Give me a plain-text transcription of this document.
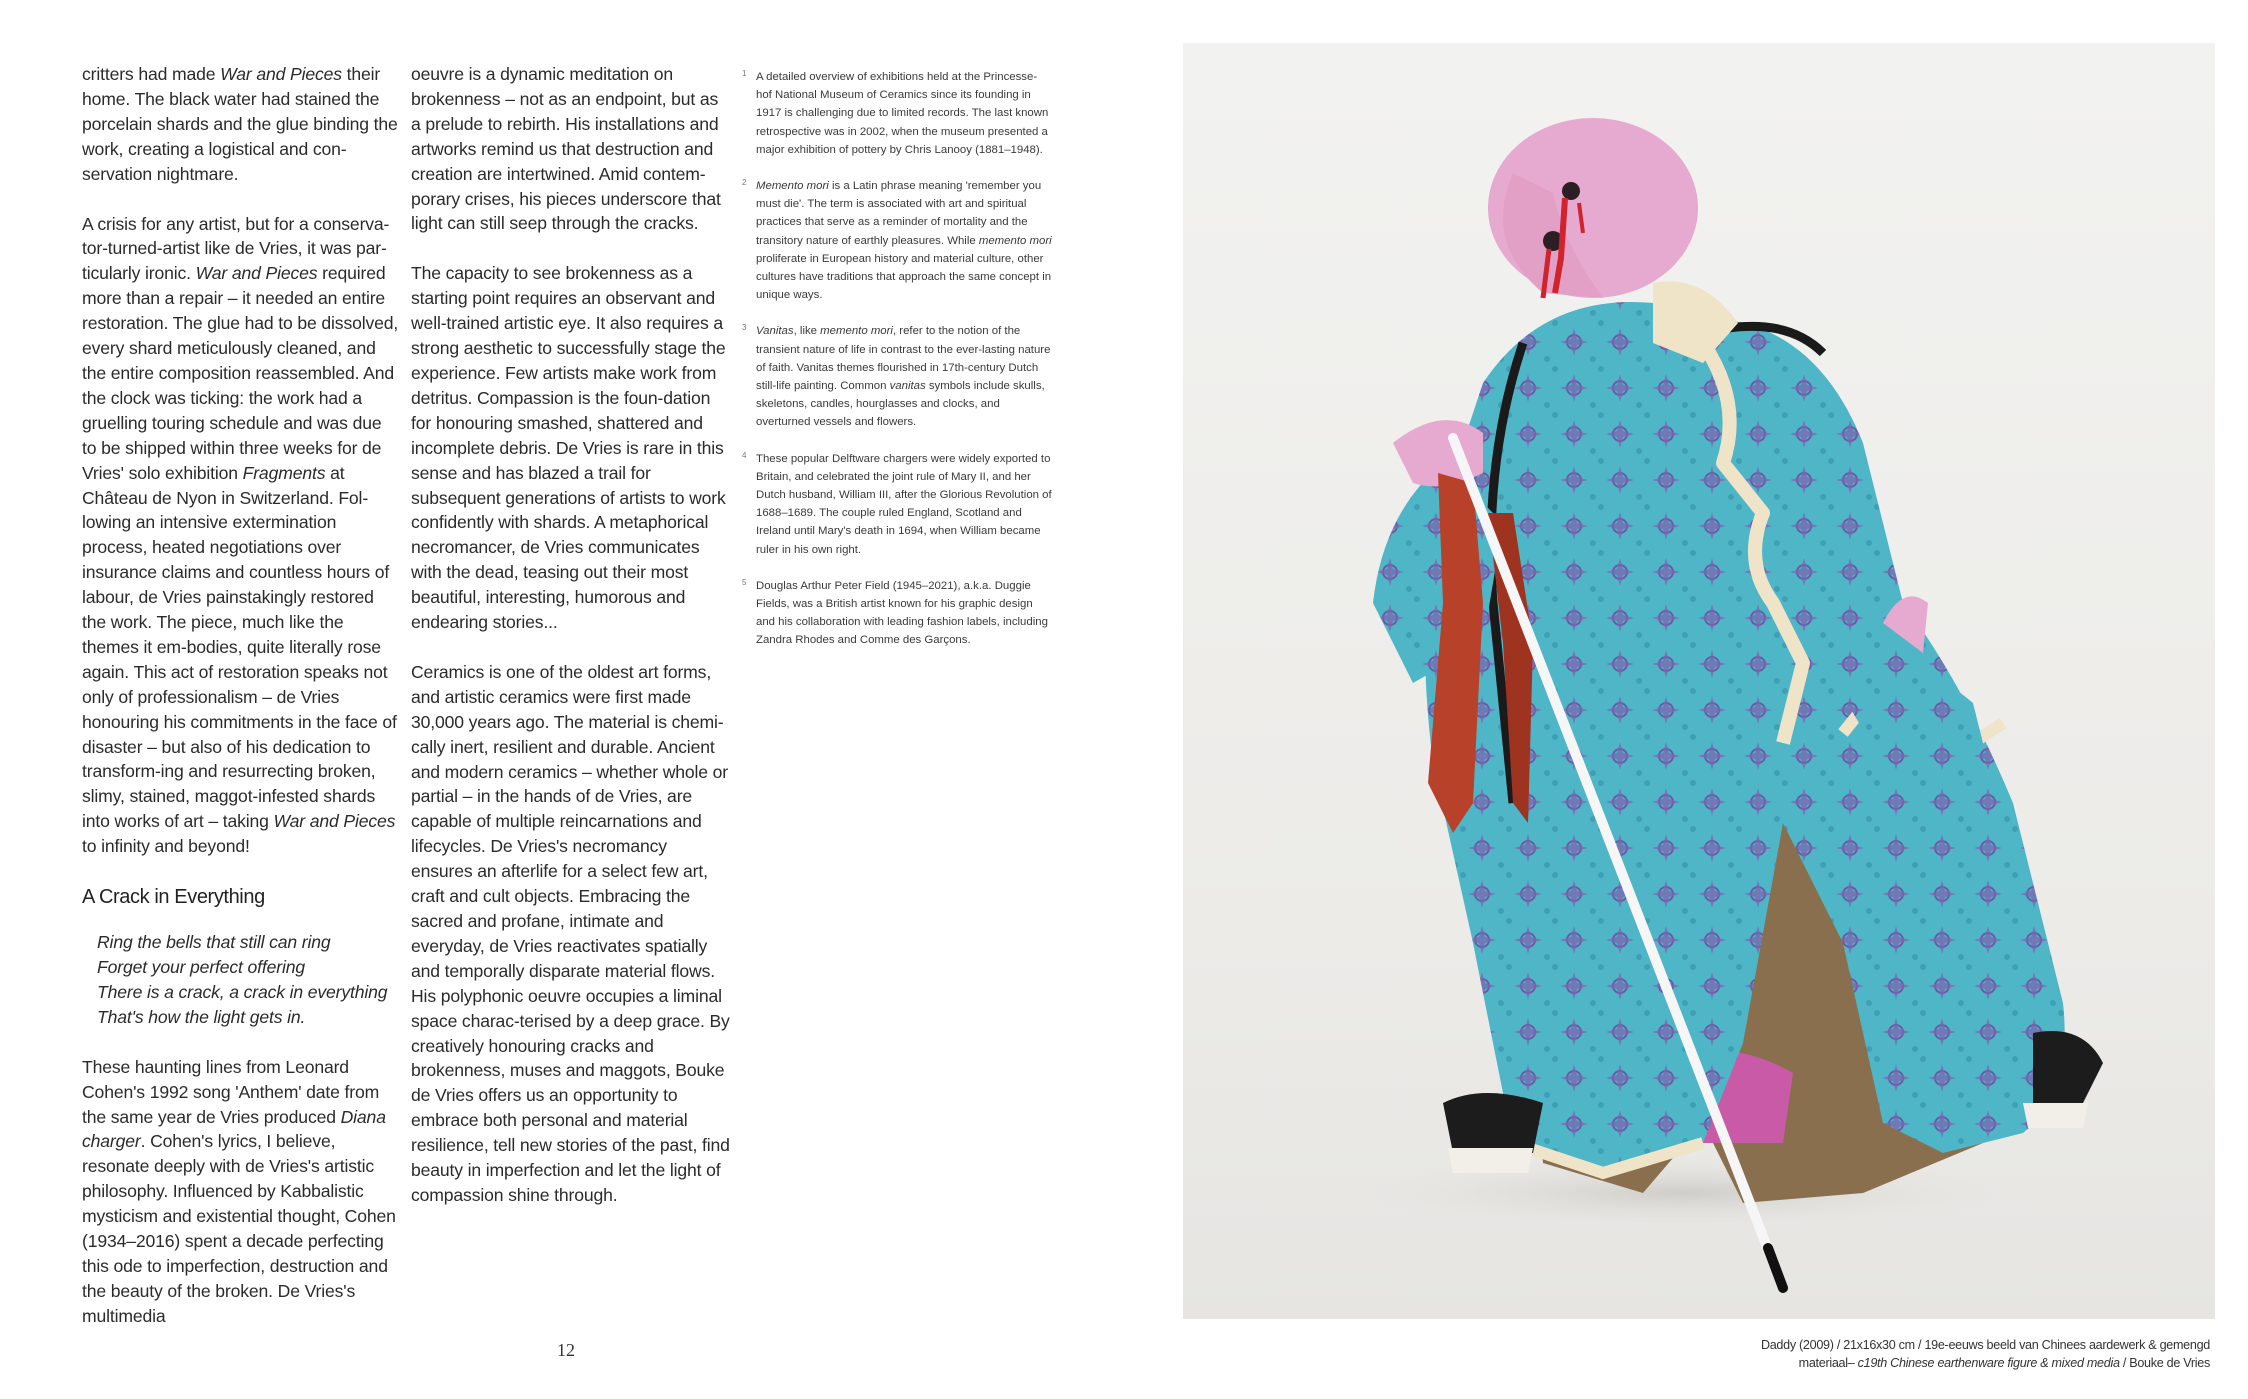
critters had made War and Pieces their home. The black water had stained the porcelain shards and the glue binding the work, creating a logistical and con-servation nightmare.

A crisis for any artist, but for a conserva-tor-turned-artist like de Vries, it was par-ticularly ironic. War and Pieces required more than a repair – it needed an entire restoration. The glue had to be dissolved, every shard meticulously cleaned, and the entire composition reassembled. And the clock was ticking: the work had a gruelling touring schedule and was due to be shipped within three weeks for de Vries' solo exhibition Fragments at Château de Nyon in Switzerland. Fol-lowing an intensive extermination process, heated negotiations over insurance claims and countless hours of labour, de Vries painstakingly restored the work. The piece, much like the themes it em-bodies, quite literally rose again. This act of restoration speaks not only of professionalism – de Vries honouring his commitments in the face of disaster – but also of his dedication to transform-ing and resurrecting broken, slimy, stained, maggot-infested shards into works of art – taking War and Pieces to infinity and beyond!

A Crack in Everything
Ring the bells that still can ring
Forget your perfect offering
There is a crack, a crack in everything
That's how the light gets in.

These haunting lines from Leonard Cohen's 1992 song 'Anthem' date from the same year de Vries produced Diana charger. Cohen's lyrics, I believe, resonate deeply with de Vries's artistic philosophy. Influenced by Kabbalistic mysticism and existential thought, Cohen (1934–2016) spent a decade perfecting this ode to imperfection, destruction and the beauty of the broken. De Vries's multimedia

oeuvre is a dynamic meditation on brokenness – not as an endpoint, but as a prelude to rebirth. His installations and artworks remind us that destruction and creation are intertwined. Amid contem-porary crises, his pieces underscore that light can still seep through the cracks.

The capacity to see brokenness as a starting point requires an observant and well-trained artistic eye. It also requires a strong aesthetic to successfully stage the experience. Few artists make work from detritus. Compassion is the foun-dation for honouring smashed, shattered and incomplete debris. De Vries is rare in this sense and has blazed a trail for subsequent generations of artists to work confidently with shards. A metaphorical necromancer, de Vries communicates with the dead, teasing out their most beautiful, interesting, humorous and endearing stories...

Ceramics is one of the oldest art forms, and artistic ceramics were first made 30,000 years ago. The material is chemi-cally inert, resilient and durable. Ancient and modern ceramics – whether whole or partial – in the hands of de Vries, are capable of multiple reincarnations and lifecycles. De Vries's necromancy ensures an afterlife for a select few art, craft and cult objects. Embracing the sacred and profane, intimate and everyday, de Vries reactivates spatially and temporally disparate material flows. His polyphonic oeuvre occupies a liminal space charac-terised by a deep grace. By creatively honouring cracks and brokenness, muses and maggots, Bouke de Vries offers us an opportunity to embrace both personal and material resilience, tell new stories of the past, find beauty in imperfection and let the light of compassion shine through.

1 A detailed overview of exhibitions held at the Princesse-hof National Museum of Ceramics since its founding in 1917 is challenging due to limited records. The last known retrospective was in 2002, when the museum presented a major exhibition of pottery by Chris Lanooy (1881–1948).
2 Memento mori is a Latin phrase meaning 'remember you must die'. The term is associated with art and spiritual practices that serve as a reminder of mortality and the transitory nature of earthly pleasures. While memento mori proliferate in European history and material culture, other cultures have traditions that approach the same concept in unique ways.
3 Vanitas, like memento mori, refer to the notion of the transient nature of life in contrast to the ever-lasting nature of faith. Vanitas themes flourished in 17th-century Dutch still-life painting. Common vanitas symbols include skulls, skeletons, candles, hourglasses and clocks, and overturned vessels and flowers.
4 These popular Delftware chargers were widely exported to Britain, and celebrated the joint rule of Mary II, and her Dutch husband, William III, after the Glorious Revolution of 1688–1689. The couple ruled England, Scotland and Ireland until Mary's death in 1694, when William became ruler in his own right.
5 Douglas Arthur Peter Field (1945–2021), a.k.a. Duggie Fields, was a British artist known for his graphic design and his collaboration with leading fashion labels, including Zandra Rhodes and Comme des Garçons.
12	Daddy (2009) / 21x16x30 cm / 19e-eeuws beeld van Chinees aardewerk & gemengd
materiaal– c19th Chinese earthenware figure & mixed media / Bouke de Vries
